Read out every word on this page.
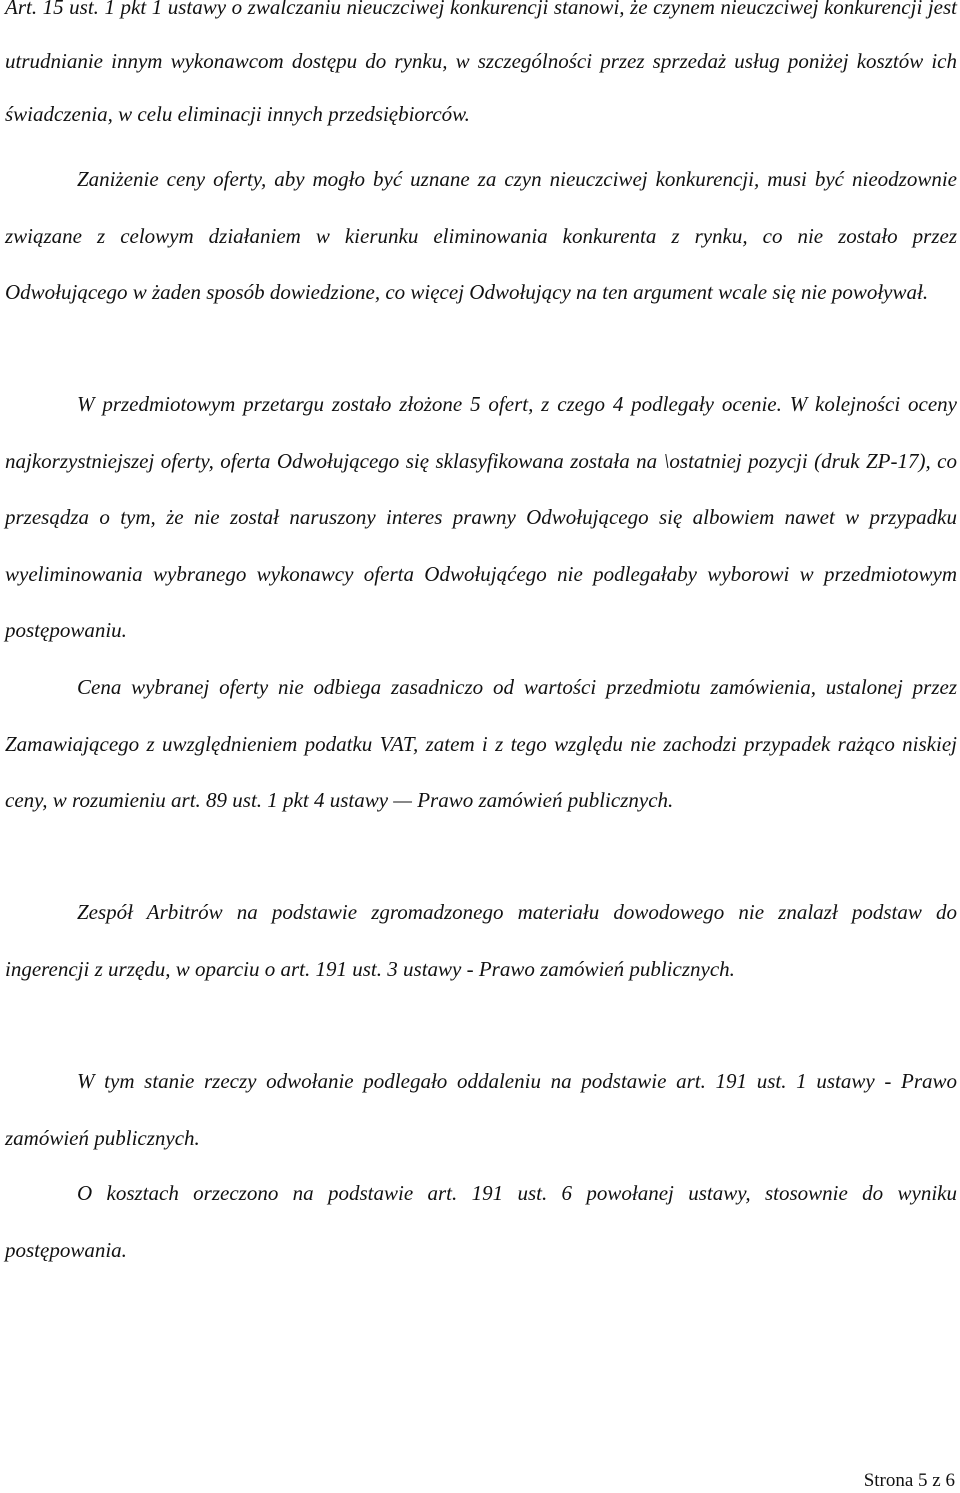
Art. 15 ust. 1 pkt 1 ustawy o zwalczaniu nieuczciwej konkurencji stanowi, że czynem nieuczciwej konkurencji jest utrudnianie innym wykonawcom dostępu do rynku, w szczególności przez sprzedaż usług poniżej kosztów ich świadczenia, w celu eliminacji innych przedsiębiorców.

Zaniżenie ceny oferty, aby mogło być uznane za czyn nieuczciwej konkurencji, musi być nieodzownie związane z celowym działaniem w kierunku eliminowania konkurenta z rynku, co nie zostało przez Odwołującego w żaden sposób dowiedzione, co więcej Odwołujący na ten argument wcale się nie powoływał.

W przedmiotowym przetargu zostało złożone 5 ofert, z czego 4 podlegały ocenie. W kolejności oceny najkorzystniejszej oferty, oferta Odwołującego się sklasyfikowana została na \ostatniej pozycji (druk ZP-17), co przesądza o tym, że nie został naruszony interes prawny Odwołującego się albowiem nawet w przypadku wyeliminowania wybranego wykonawcy oferta Odwołująćego nie podlegałaby wyborowi w przedmiotowym postępowaniu.

Cena wybranej oferty nie odbiega zasadniczo od wartości przedmiotu zamówienia, ustalonej przez Zamawiającego z uwzględnieniem podatku VAT, zatem i z tego względu nie zachodzi przypadek rażąco niskiej ceny, w rozumieniu art. 89 ust. 1 pkt 4 ustawy — Prawo zamówień publicznych.

Zespół Arbitrów na podstawie zgromadzonego materiału dowodowego nie znalazł podstaw do ingerencji z urzędu, w oparciu o art. 191 ust. 3 ustawy - Prawo zamówień publicznych.

W tym stanie rzeczy odwołanie podlegało oddaleniu na podstawie art. 191 ust. 1 ustawy - Prawo zamówień publicznych.

O kosztach orzeczono na podstawie art. 191 ust. 6 powołanej ustawy, stosownie do wyniku postępowania.

Strona 5 z 6
